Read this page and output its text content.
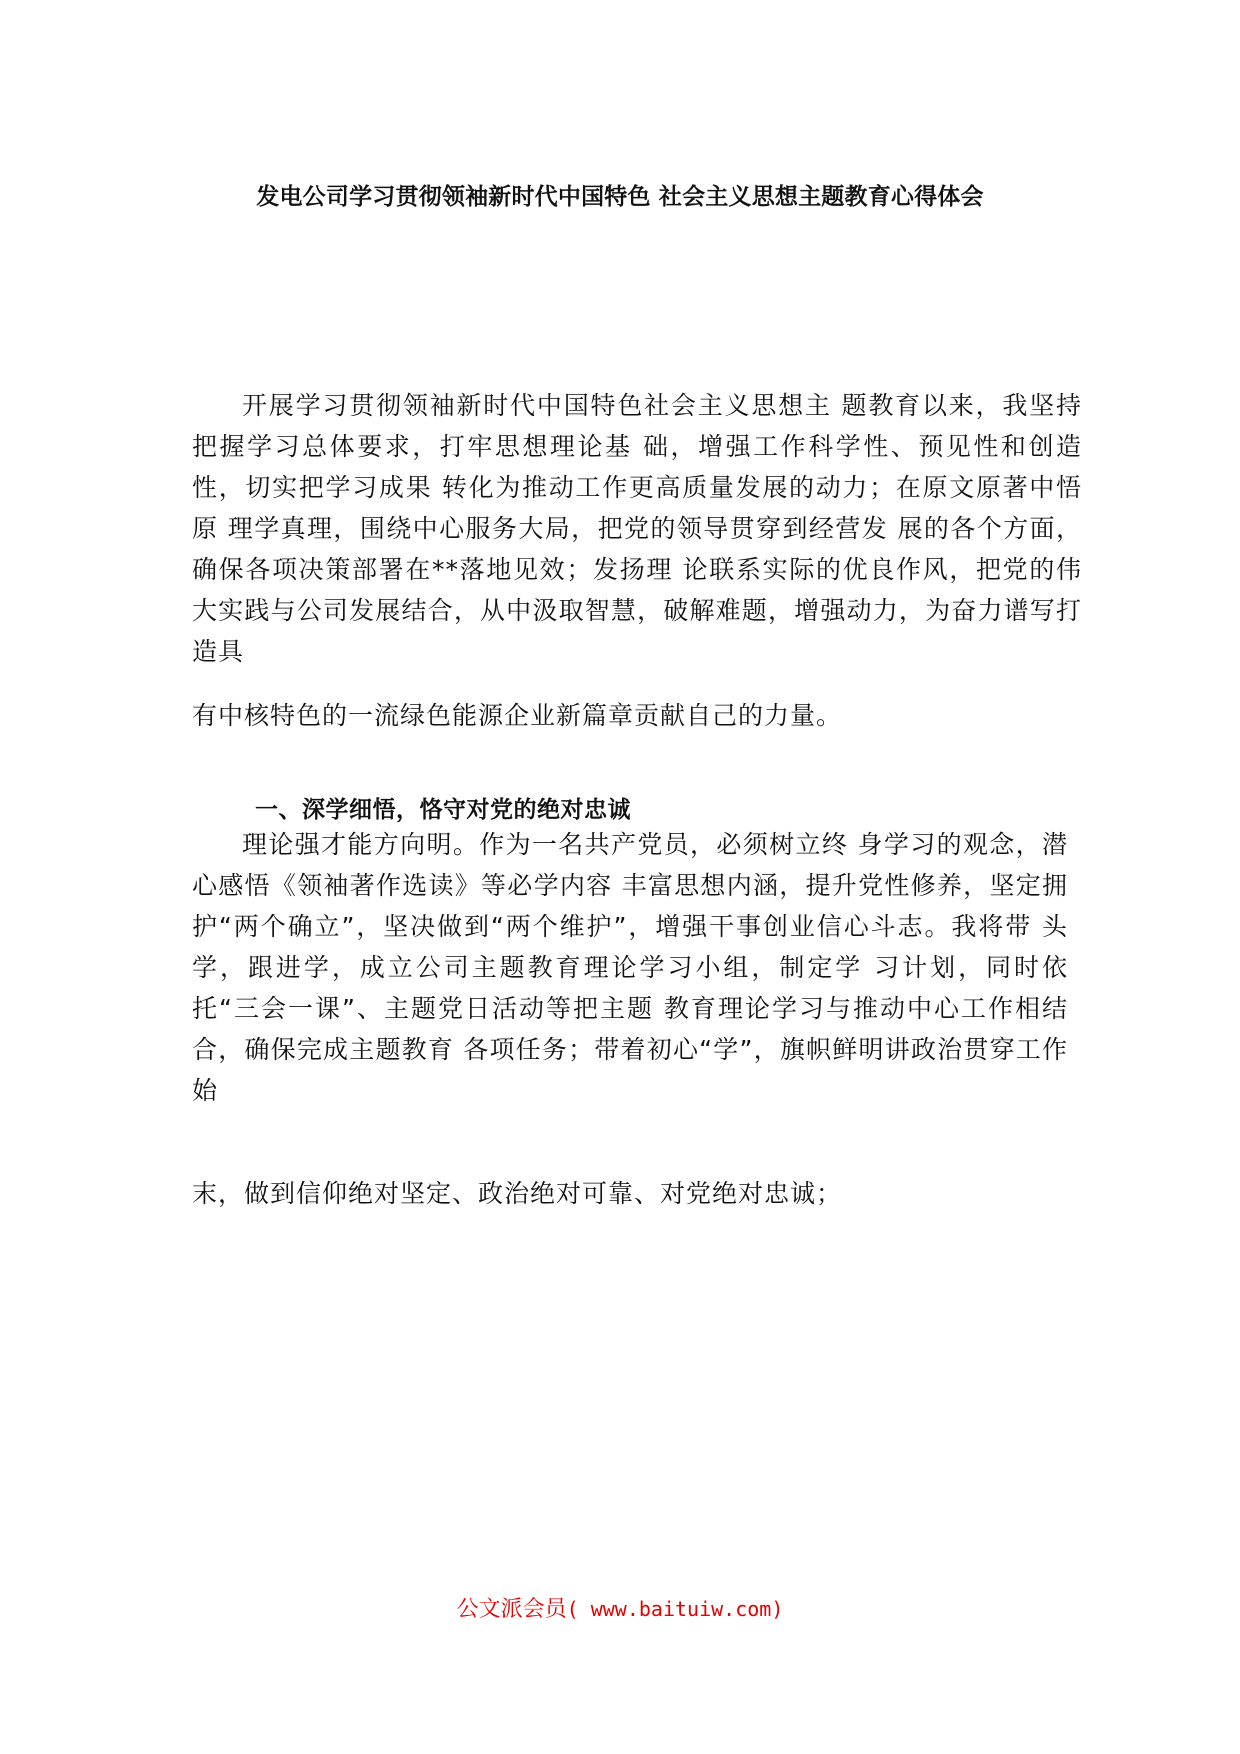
发电公司学习贯彻领袖新时代中国特色 社会主义思想主题教育心得体会

开展学习贯彻领袖新时代中国特色社会主义思想主 题教育以来，我坚持把握学习总体要求，打牢思想理论基 础，增强工作科学性、预见性和创造性，切实把学习成果 转化为推动工作更高质量发展的动力；在原文原著中悟原 理学真理，围绕中心服务大局，把党的领导贯穿到经营发 展的各个方面，确保各项决策部署在**落地见效；发扬理 论联系实际的优良作风，把党的伟大实践与公司发展结合，从中汲取智慧，破解难题，增强动力，为奋力谱写打造具

有中核特色的一流绿色能源企业新篇章贡献自己的力量。

一、深学细悟，恪守对党的绝对忠诚

理论强才能方向明。作为一名共产党员，必须树立终 身学习的观念，潜心感悟《领袖著作选读》等必学内容 丰富思想内涵，提升党性修养，坚定拥护“两个确立”，坚决做到“两个维护”，增强干事创业信心斗志。我将带 头学，跟进学，成立公司主题教育理论学习小组，制定学 习计划，同时依托“三会一课”、主题党日活动等把主题 教育理论学习与推动中心工作相结合，确保完成主题教育 各项任务；带着初心“学”，旗帜鲜明讲政治贯穿工作始

末，做到信仰绝对坚定、政治绝对可靠、对党绝对忠诚；

公文派会员( www.baituiw.com)
